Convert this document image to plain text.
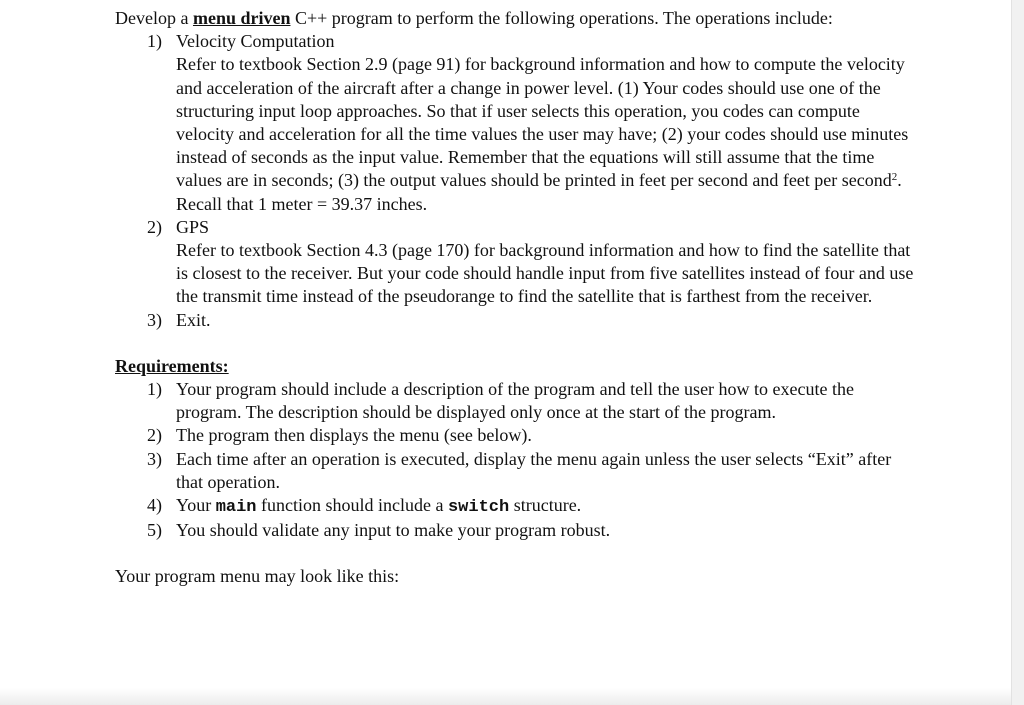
Develop a menu driven C++ program to perform the following operations. The operations include:

1) Velocity Computation
Refer to textbook Section 2.9 (page 91) for background information and how to compute the velocity and acceleration of the aircraft after a change in power level. (1) Your codes should use one of the structuring input loop approaches. So that if user selects this operation, you codes can compute velocity and acceleration for all the time values the user may have; (2) your codes should use minutes instead of seconds as the input value. Remember that the equations will still assume that the time values are in seconds; (3) the output values should be printed in feet per second and feet per second$^2$. Recall that 1 meter = 39.37 inches.
2) GPS
Refer to textbook Section 4.3 (page 170) for background information and how to find the satellite that is closest to the receiver. But your code should handle input from five satellites instead of four and use the transmit time instead of the pseudorange to find the satellite that is farthest from the receiver.
3) Exit.

Requirements:

1) Your program should include a description of the program and tell the user how to execute the program. The description should be displayed only once at the start of the program.
2) The program then displays the menu (see below).
3) Each time after an operation is executed, display the menu again unless the user selects “Exit” after that operation.
4) Your main function should include a switch structure.
5) You should validate any input to make your program robust.

Your program menu may look like this:
